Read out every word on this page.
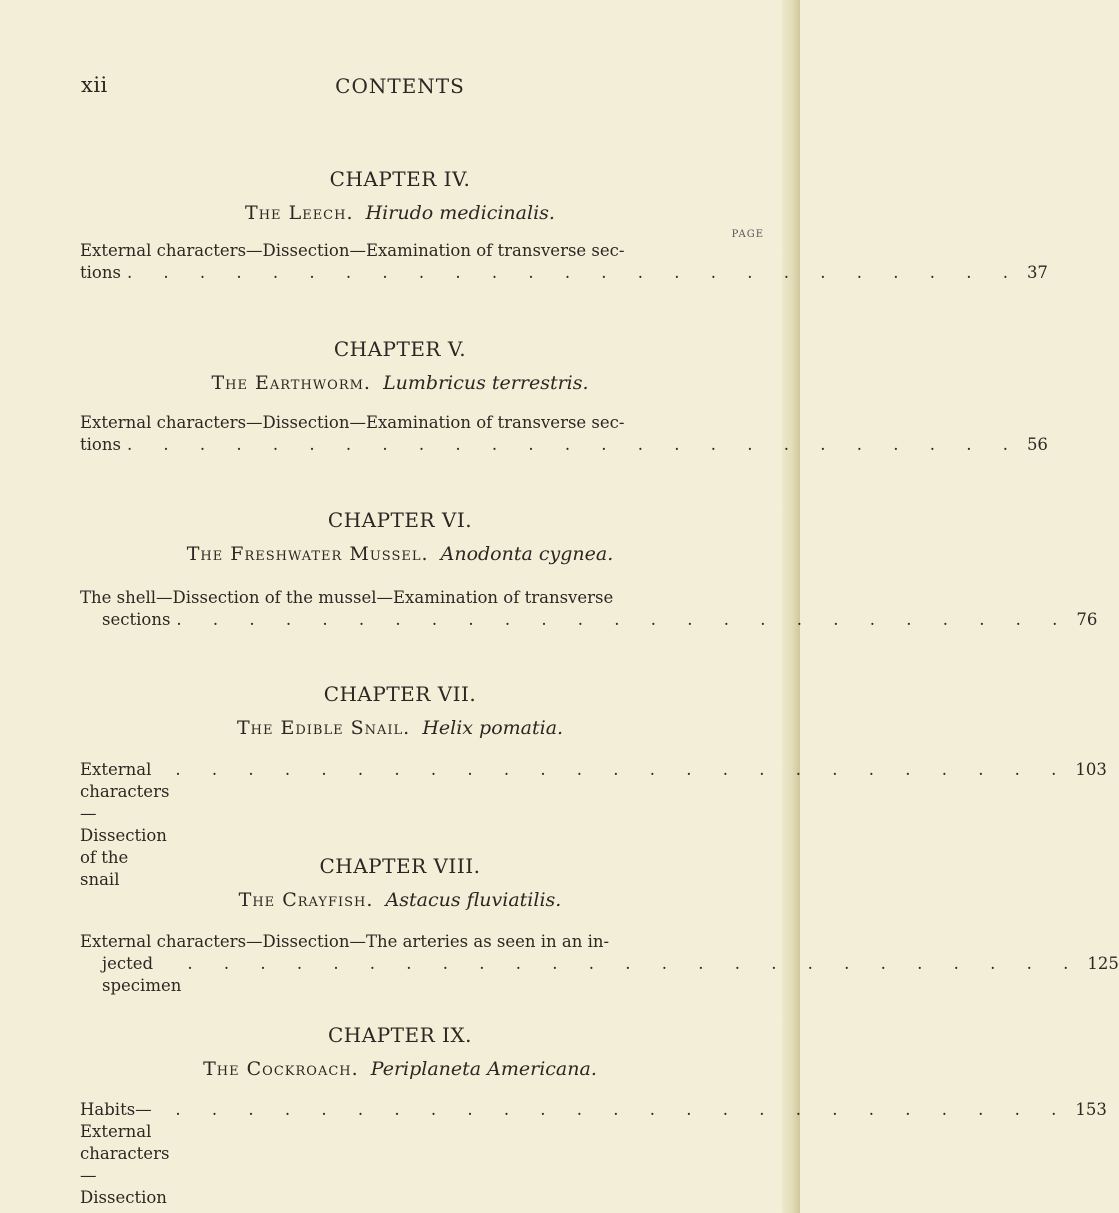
xii	CONTENTS
CHAPTER IV.
The Leech. Hirudo medicinalis.
PAGE
External characters—Dissection—Examination of transverse sec-
tions . . . . . . . . . . . . . . . . . . . . . . . . . 37
CHAPTER V.
The Earthworm. Lumbricus terrestris.
External characters—Dissection—Examination of transverse sec-
tions . . . . . . . . . . . . . . . . . . . . . . . . . 56
CHAPTER VI.
The Freshwater Mussel. Anodonta cygnea.
The shell—Dissection of the mussel—Examination of transverse
sections . . . . . . . . . . . . . . . . . . . . . . . . . 76
CHAPTER VII.
The Edible Snail. Helix pomatia.
External characters—Dissection of the snail
. . . . . . . . . . . . . . . . . . . . . . . . . 103
CHAPTER VIII.
The Crayfish. Astacus fluviatilis.
External characters—Dissection—The arteries as seen in an in-
jected specimen
. . . . . . . . . . . . . . . . . . . . . . . . . 125
CHAPTER IX.
The Cockroach. Periplaneta Americana.
Habits—External characters—Dissection
. . . . . . . . . . . . . . . . . . . . . . . . . 153
